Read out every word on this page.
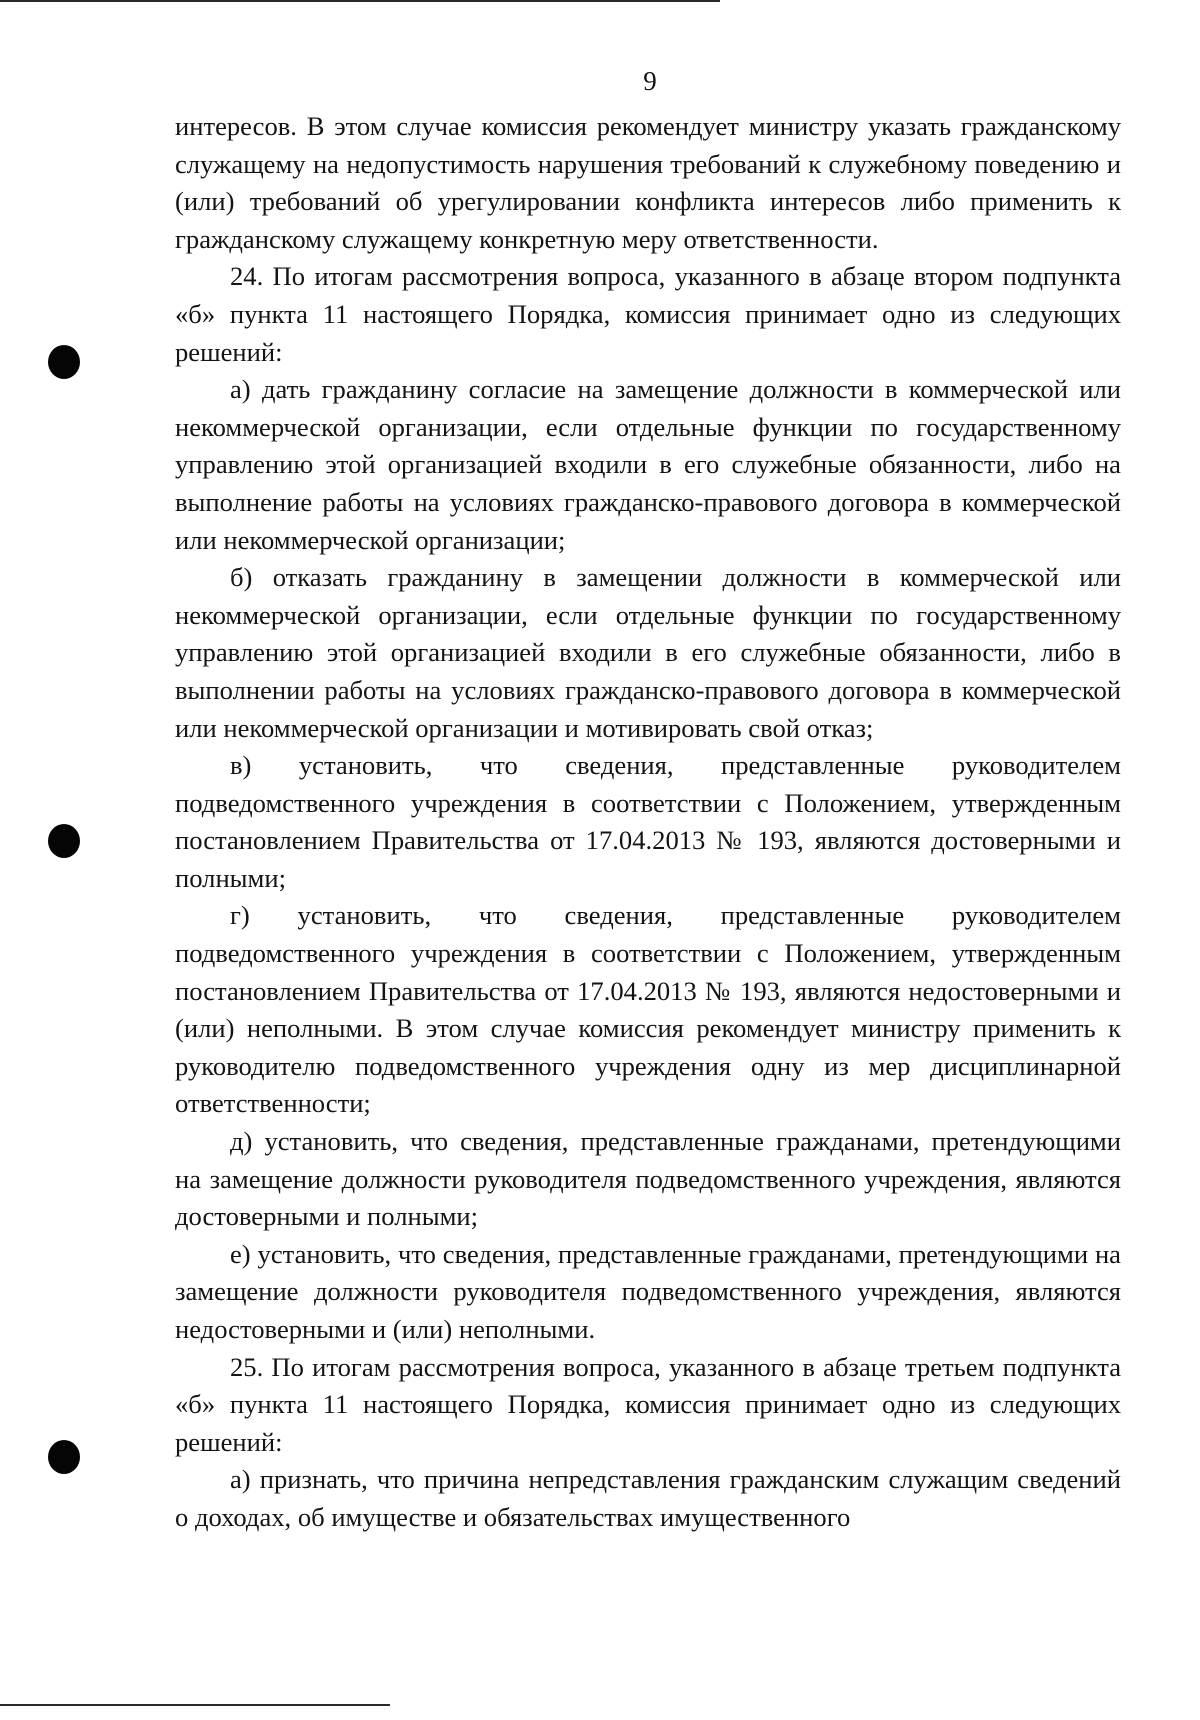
9

интересов. В этом случае комиссия рекомендует министру указать гражданскому служащему на недопустимость нарушения требований к служебному поведению и (или) требований об урегулировании конфликта интересов либо применить к гражданскому служащему конкретную меру ответственности.

24. По итогам рассмотрения вопроса, указанного в абзаце втором подпункта «б» пункта 11 настоящего Порядка, комиссия принимает одно из следующих решений:

а) дать гражданину согласие на замещение должности в коммерческой или некоммерческой организации, если отдельные функции по государственному управлению этой организацией входили в его служебные обязанности, либо на выполнение работы на условиях гражданско-правового договора в коммерческой или некоммерческой организации;

б) отказать гражданину в замещении должности в коммерческой или некоммерческой организации, если отдельные функции по государственному управлению этой организацией входили в его служебные обязанности, либо в выполнении работы на условиях гражданско-правового договора в коммерческой или некоммерческой организации и мотивировать свой отказ;

в) установить, что сведения, представленные руководителем подведомственного учреждения в соответствии с Положением, утвержденным постановлением Правительства от 17.04.2013 № 193, являются достоверными и полными;

г) установить, что сведения, представленные руководителем подведомственного учреждения в соответствии с Положением, утвержденным постановлением Правительства от 17.04.2013 № 193, являются недостоверными и (или) неполными. В этом случае комиссия рекомендует министру применить к руководителю подведомственного учреждения одну из мер дисциплинарной ответственности;

д) установить, что сведения, представленные гражданами, претендующими на замещение должности руководителя подведомственного учреждения, являются достоверными и полными;

е) установить, что сведения, представленные гражданами, претендующими на замещение должности руководителя подведомственного учреждения, являются недостоверными и (или) неполными.

25. По итогам рассмотрения вопроса, указанного в абзаце третьем подпункта «б» пункта 11 настоящего Порядка, комиссия принимает одно из следующих решений:

а) признать, что причина непредставления гражданским служащим сведений о доходах, об имуществе и обязательствах имущественного
